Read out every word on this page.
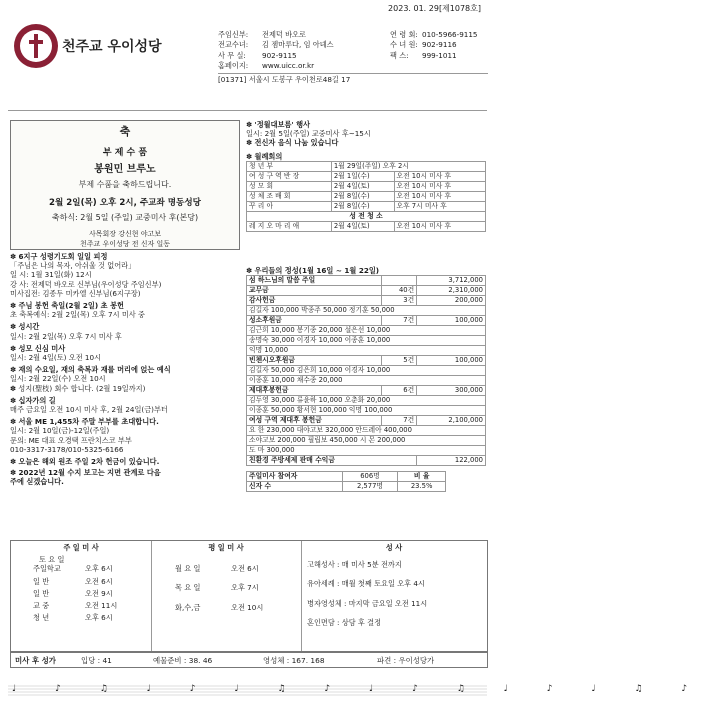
2023. 01. 29[제1078호]
천주교 우이성당
주임신부:	전제덕 바오로	연 령 회: 010-5966-9115
전교수녀:	김 젬마루다, 임 아녜스	수 녀 원: 902-9116
사 무 실:	902-9115	팩 스:	999-1011
홈페이지:	www.uicc.or.kr
[01371] 서울시 도봉구 우이천로48길 17
축
부 제 수 품
봉원민 브루노
부제 수품을 축하드립니다.
2월 2일(목) 오후 2시, 주교좌 명동성당
축하식: 2월 5일 (주일) 교중미사 후(본당)
사목회장 강신현 야고보
천주교 우이성당 전 신자 일동
✽ 6지구 성령기도회 일일 피정
「주님은 나의 목자, 아쉬울 것 없어라」
일 시: 1월 31일(화) 12시
강 사: 전제덕 바오로 신부님(우이성당 주임신부)
미사집전: 김종두 미카엘 신부님(6지구장)
✽ 주님 봉헌 축일(2월 2일) 초 봉헌
초 축복예식: 2월 2일(목) 오후 7시 미사 중
✽ 성시간
일시: 2월 2일(목) 오후 7시 미사 후
✽ 성모 신심 미사
일시: 2월 4일(토) 오전 10시
✽ 재의 수요일, 재의 축복과 재를 머리에 얹는 예식
일시: 2월 22일(수) 오전 10시
✽ 성지(聖枝) 회수 합니다. (2월 19일까지)
✽ 십자가의 길
매주 금요일 오전 10시 미사 후, 2월 24일(금)부터
✽ 서울 ME 1,455차 주말 부부를 초대합니다.
일시: 2월 10일(금)-12일(주일)
문의: ME 대표 오경택 프란치스코 부부
010-3317-3178/010-5325-6166
✽ 오늘은 해외 원조 주일 2차 헌금이 있습니다.
✽ 2022년 12월 수지 보고는 지면 관계로 다음
주에 싣겠습니다.
✽ '정월대보름' 행사
일시: 2월 5일(주일) 교중미사 후~15시
✽ 전신자 음식 나눔 있습니다
✽ 월례회의
청 년 부	1월 29일(주일) 오후 2시	
여 성 구 역 반 장	2월 1일(수)	오전 10시 미사 후
성 모 회	2월 4일(토)	오전 10시 미사 후
성 체 조 배 회	2월 8일(수)	오전 10시 미사 후
꾸 리 아	2월 8일(수)	오후 7시 미사 후
성 전 청 소		
레 지 오 마 리 애	2월 4일(토)	오전 10시 미사 후
✽ 우리들의 정성(1월 16일 ~ 1월 22일)
섬 하느님의 말씀 주일		3,712,000
교무금	40건	2,310,000
감사헌금	3건	200,000
김길자 100,000 박종주 50,000 정기훈 50,000		
성소후원금	7건	100,000
김근희 10,000 봉기종 20,000 설은선 10,000		
송명숙 30,000 이경자 10,000 이종훈 10,000		
익명 10,000		
빈첸시오후원금	5건	100,000
김길자 50,000 김은희 10,000 이경자 10,000		
이종훈 10,000 채수종 20,000		
제대후봉헌금	6건	300,000
김두영 30,000 류윤하 10,000 오춘화 20,000		
이종훈 50,000 황서현 100,000 익명 100,000		
여성 구역 제대후 봉헌금	7건	2,100,000
요 한 230,000 대야고보 320,000 안드레아 400,000		
소야고보 200,000 필립보 450,000 시 몬 200,000		
도 마 300,000		
친환경 주방세제 판매 수익금		122,000
주일미사 참여자	606명	비 율
신자 수	2,577명	23.5%
주 일 미 사
토 요 일
주일학교	오후 6시
일 반	오전 6시
일 반	오전 9시
교 중	오전 11시
청 년	오후 6시
평 일 미 사
월 요 일	오전 6시
목 요 일	오후 7시
화,수,금	오전 10시
성 사
고해성사 : 매 미사 5분 전까지
유아세례 : 매월 첫째 토요일 오후 4시
병자영성체 : 마지막 금요일 오전 11시
혼인면담 : 상담 후 결정
미사 후 성가	입당 : 41	예물준비 : 38. 46	영성체 : 167. 168	파견 : 우이성당가
♩ ♪ ♫ ♩ ♪ ♩ ♫ ♪ ♩ ♪ ♫ ♩ ♪ ♩ ♫ ♪
